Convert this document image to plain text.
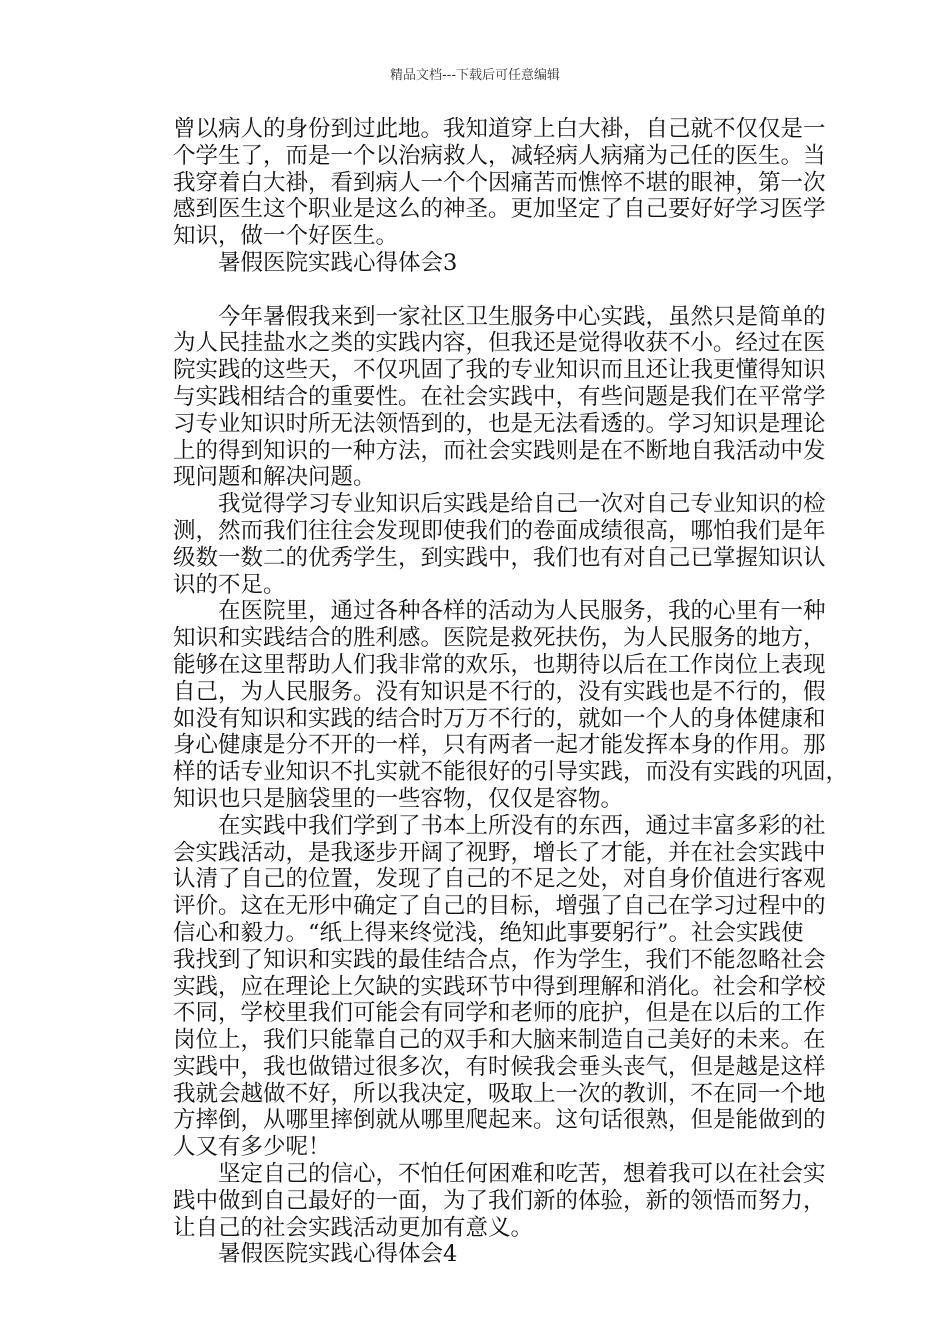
精品文档---下载后可任意编辑
曾以病人的身份到过此地。我知道穿上白大褂，自己就不仅仅是一
个学生了，而是一个以治病救人，减轻病人病痛为己任的医生。当
我穿着白大褂，看到病人一个个因痛苦而憔悴不堪的眼神，第一次
感到医生这个职业是这么的神圣。更加坚定了自己要好好学习医学
知识，做一个好医生。
　　暑假医院实践心得体会3
　　今年暑假我来到一家社区卫生服务中心实践，虽然只是简单的
为人民挂盐水之类的实践内容，但我还是觉得收获不小。经过在医
院实践的这些天，不仅巩固了我的专业知识而且还让我更懂得知识
与实践相结合的重要性。在社会实践中，有些问题是我们在平常学
习专业知识时所无法领悟到的，也是无法看透的。学习知识是理论
上的得到知识的一种方法，而社会实践则是在不断地自我活动中发
现问题和解决问题。
　　我觉得学习专业知识后实践是给自己一次对自己专业知识的检
测，然而我们往往会发现即使我们的卷面成绩很高，哪怕我们是年
级数一数二的优秀学生，到实践中，我们也有对自己已掌握知识认
识的不足。
　　在医院里，通过各种各样的活动为人民服务，我的心里有一种
知识和实践结合的胜利感。医院是救死扶伤，为人民服务的地方，
能够在这里帮助人们我非常的欢乐，也期待以后在工作岗位上表现
自己，为人民服务。没有知识是不行的，没有实践也是不行的，假
如没有知识和实践的结合时万万不行的，就如一个人的身体健康和
身心健康是分不开的一样，只有两者一起才能发挥本身的作用。那
样的话专业知识不扎实就不能很好的引导实践，而没有实践的巩固，
知识也只是脑袋里的一些容物，仅仅是容物。
　　在实践中我们学到了书本上所没有的东西，通过丰富多彩的社
会实践活动，是我逐步开阔了视野，增长了才能，并在社会实践中
认清了自己的位置，发现了自己的不足之处，对自身价值进行客观
评价。这在无形中确定了自己的目标，增强了自己在学习过程中的
信心和毅力。“纸上得来终觉浅，绝知此事要躬行”。社会实践使
我找到了知识和实践的最佳结合点，作为学生，我们不能忽略社会
实践，应在理论上欠缺的实践环节中得到理解和消化。社会和学校
不同，学校里我们可能会有同学和老师的庇护，但是在以后的工作
岗位上，我们只能靠自己的双手和大脑来制造自己美好的未来。在
实践中，我也做错过很多次，有时候我会垂头丧气，但是越是这样
我就会越做不好，所以我决定，吸取上一次的教训，不在同一个地
方摔倒，从哪里摔倒就从哪里爬起来。这句话很熟，但是能做到的
人又有多少呢！
　　坚定自己的信心，不怕任何困难和吃苦，想着我可以在社会实
践中做到自己最好的一面，为了我们新的体验，新的领悟而努力，
让自己的社会实践活动更加有意义。
　　暑假医院实践心得体会4
